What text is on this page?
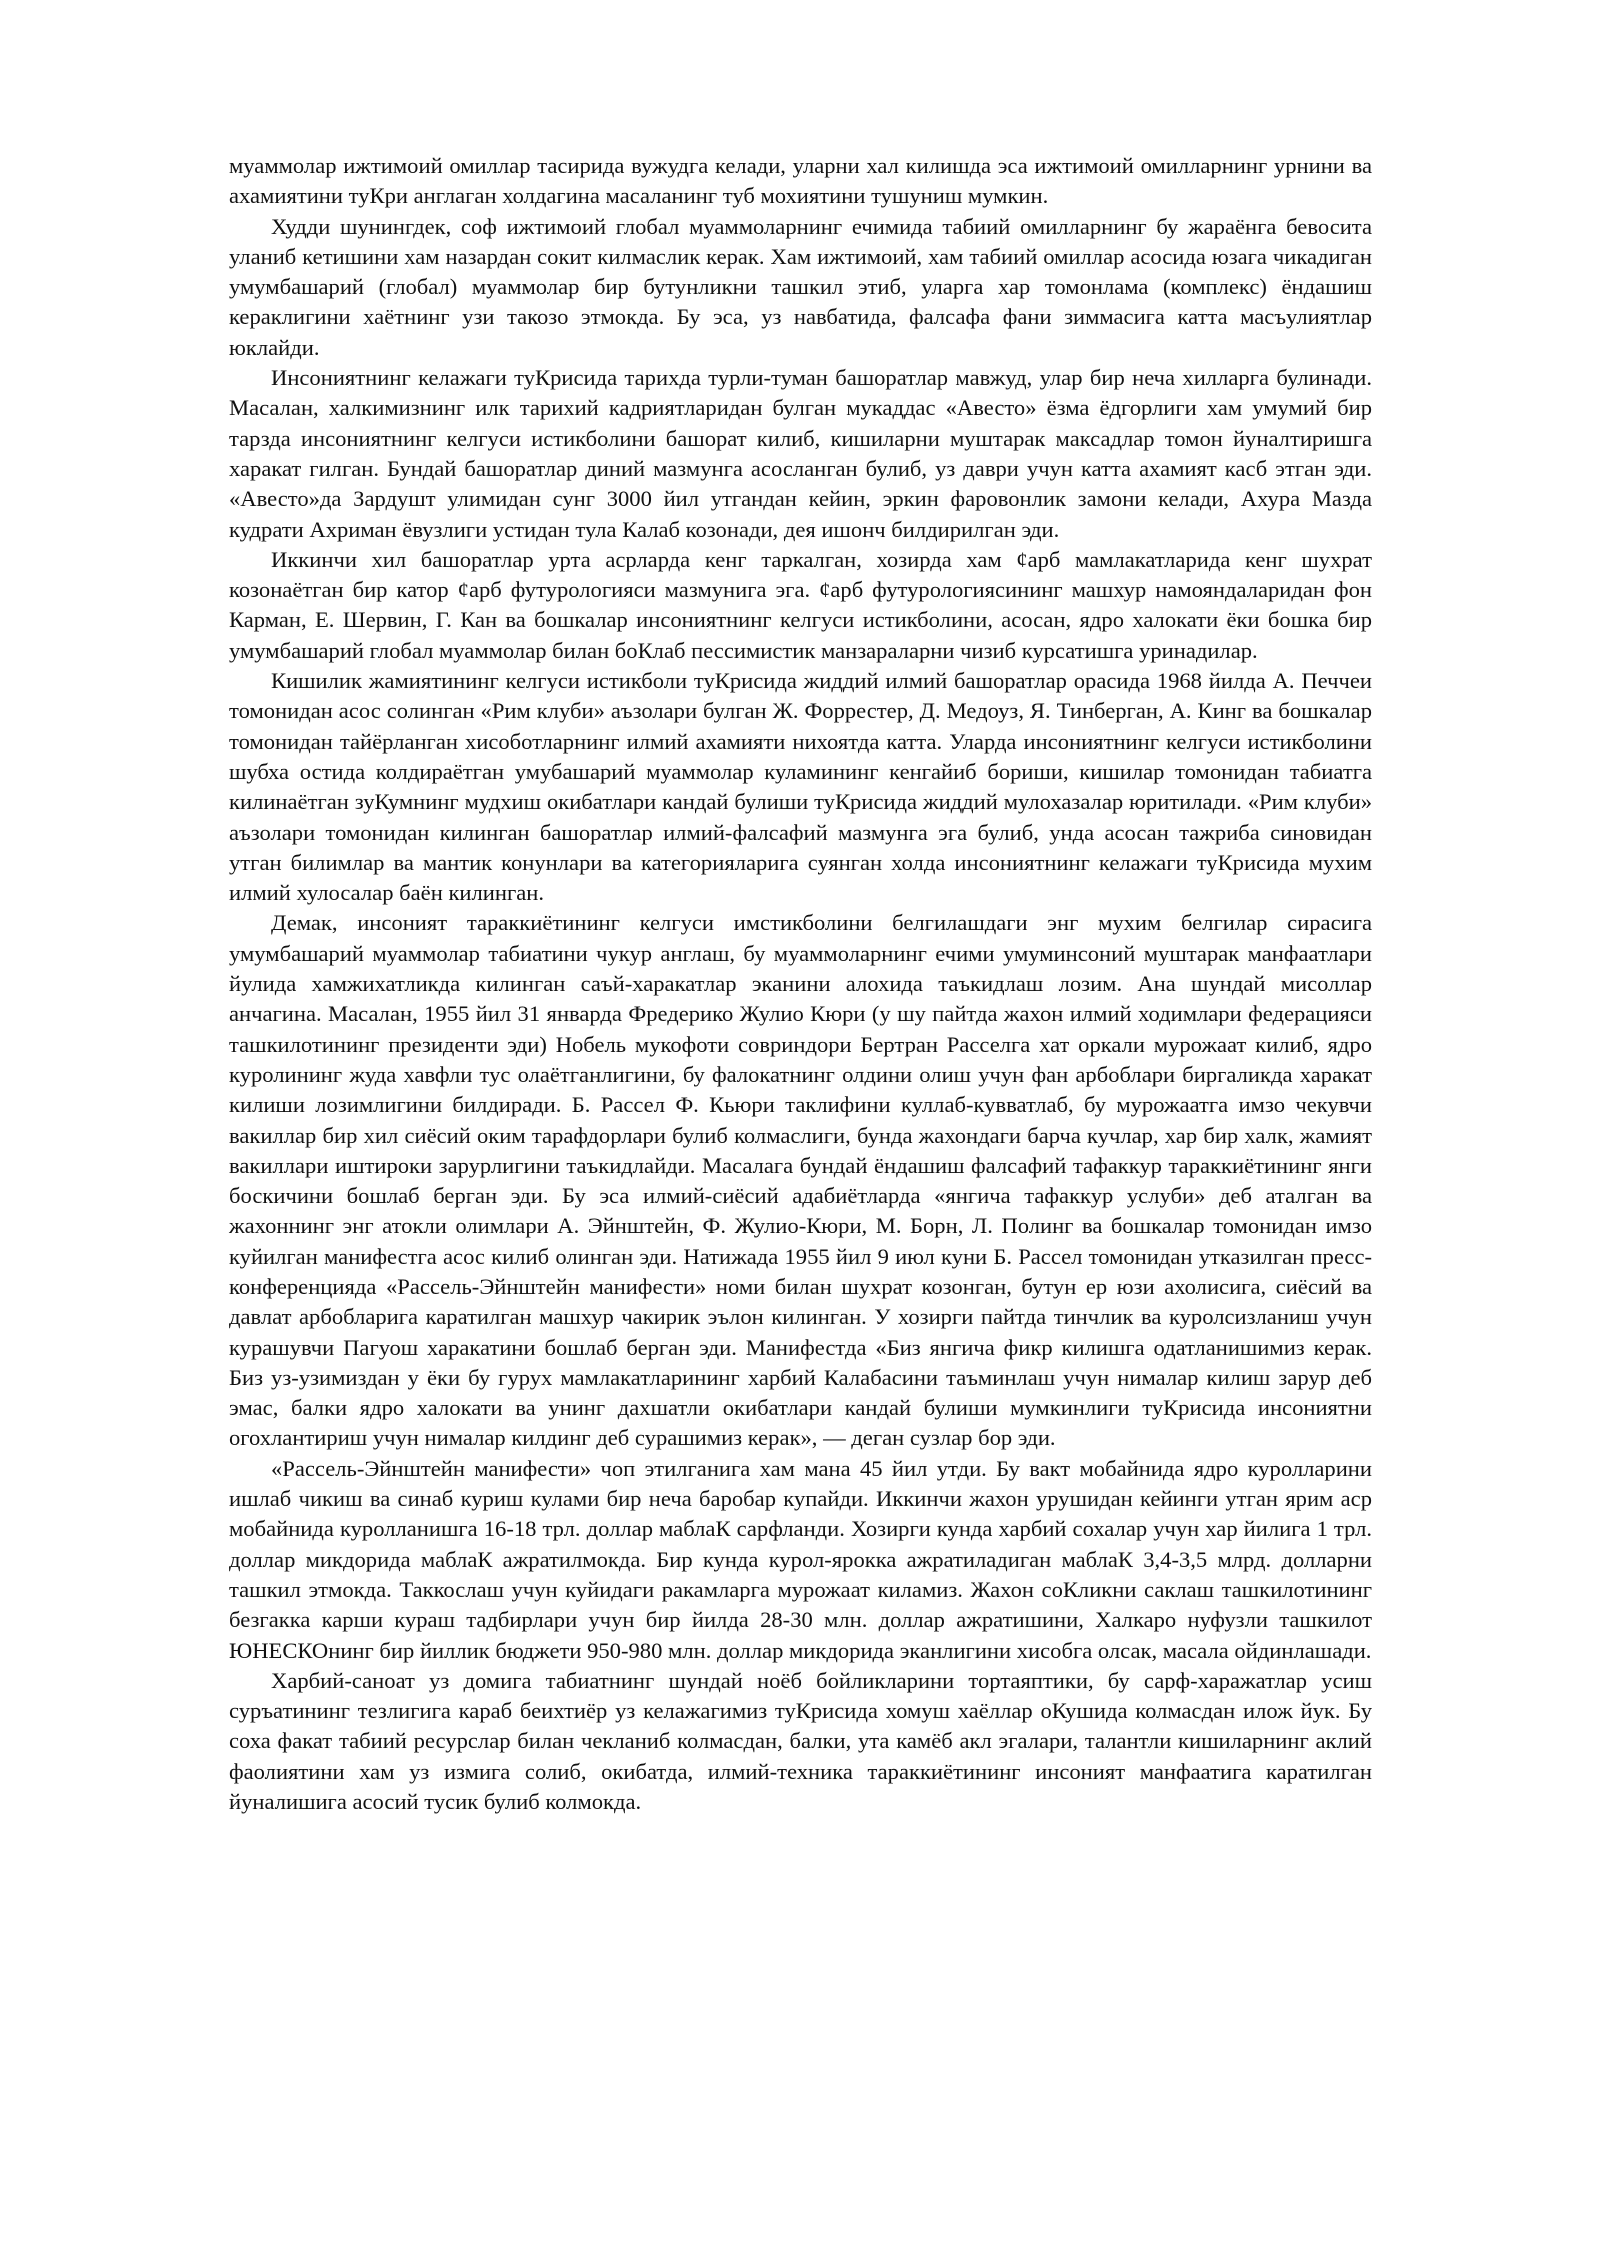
муаммолар ижтимоий омиллар тасирида вужудга келади, уларни хал килишда эса ижтимоий омилларнинг урнини ва ахамиятини туКри англаган холдагина масаланинг туб мохиятини тушуниш мумкин.

Худди шунингдек, соф ижтимоий глобал муаммоларнинг ечимида табиий омилларнинг бу жараёнга бевосита уланиб кетишини хам назардан сокит килмаслик керак. Хам ижтимоий, хам табиий омиллар асосида юзага чикадиган умумбашарий (глобал) муаммолар бир бутунликни ташкил этиб, уларга хар томонлама (комплекс) ёндашиш кераклигини хаётнинг узи такозо этмокда. Бу эса, уз навбатида, фалсафа фани зиммасига катта масъулиятлар юклайди.

Инсониятнинг келажаги туКрисида тарихда турли-туман башоратлар мавжуд, улар бир неча хилларга булинади. Масалан, халкимизнинг илк тарихий кадриятларидан булган мукаддас «Авесто» ёзма ёдгорлиги хам умумий бир тарзда инсониятнинг келгуси истикболини башорат килиб, кишиларни муштарак максадлар томон йуналтиришга харакат гилган. Бундай башоратлар диний мазмунга асосланган булиб, уз даври учун катта ахамият касб этган эди. «Авесто»да Зардушт улимидан сунг 3000 йил утгандан кейин, эркин фаровонлик замони келади, Ахура Мазда кудрати Ахриман ёвузлиги устидан тула Калаб козонади, дея ишонч билдирилган эди.

Иккинчи хил башоратлар урта асрларда кенг таркалган, хозирда хам ¢арб мамлакатларида кенг шухрат козонаётган бир катор ¢арб футурологияси мазмунига эга. ¢арб футурологиясининг машхур намояндаларидан фон Карман, Е. Шервин, Г. Кан ва бошкалар инсониятнинг келгуси истикболини, асосан, ядро халокати ёки бошка бир умумбашарий глобал муаммолар билан боКлаб пессимистик манзараларни чизиб курсатишга уринадилар.

Кишилик жамиятининг келгуси истикболи туКрисида жиддий илмий башоратлар орасида 1968 йилда А. Печчеи томонидан асос солинган «Рим клуби» аъзолари булган Ж. Форрестер, Д. Медоуз, Я. Тинберган, А. Кинг ва бошкалар томонидан тайёрланган хисоботларнинг илмий ахамияти нихоятда катта. Уларда инсониятнинг келгуси истикболини шубха остида колдираётган умубашарий муаммолар куламининг кенгайиб бориши, кишилар томонидан табиатга килинаётган зуКумнинг мудхиш окибатлари кандай булиши туКрисида жиддий мулохазалар юритилади. «Рим клуби» аъзолари томонидан килинган башоратлар илмий-фалсафий мазмунга эга булиб, унда асосан тажриба синовидан утган билимлар ва мантик конунлари ва категорияларига суянган холда инсониятнинг келажаги туКрисида мухим илмий хулосалар баён килинган.

Демак, инсоният тараккиётининг келгуси имстикболини белгилашдаги энг мухим белгилар сирасига умумбашарий муаммолар табиатини чукур англаш, бу муаммоларнинг ечими умуминсоний муштарак манфаатлари йулида хамжихатликда килинган саъй-харакатлар эканини алохида таъкидлаш лозим. Ана шундай мисоллар анчагина. Масалан, 1955 йил 31 январда Фредерико Жулио Кюри (у шу пайтда жахон илмий ходимлари федерацияси ташкилотининг президенти эди) Нобель мукофоти совриндори Бертран Расселга хат оркали мурожаат килиб, ядро куролининг жуда хавфли тус олаётганлигини, бу фалокатнинг олдини олиш учун фан арбоблари биргаликда харакат килиши лозимлигини билдиради. Б. Рассел Ф. Кьюри таклифини куллаб-кувватлаб, бу мурожаатга имзо чекувчи вакиллар бир хил сиёсий оким тарафдорлари булиб колмаслиги, бунда жахондаги барча кучлар, хар бир халк, жамият вакиллари иштироки зарурлигини таъкидлайди. Масалага бундай ёндашиш фалсафий тафаккур тараккиётининг янги боскичини бошлаб берган эди. Бу эса илмий-сиёсий адабиётларда «янгича тафаккур услуби» деб аталган ва жахоннинг энг атокли олимлари А. Эйнштейн, Ф. Жулио-Кюри, М. Борн, Л. Полинг ва бошкалар томонидан имзо куйилган манифестга асос килиб олинган эди. Натижада 1955 йил 9 июл куни Б. Рассел томонидан утказилган пресс-конференцияда «Рассель-Эйнштейн манифести» номи билан шухрат козонган, бутун ер юзи ахолисига, сиёсий ва давлат арбобларига каратилган машхур чакирик эълон килинган. У хозирги пайтда тинчлик ва куролсизланиш учун курашувчи Пагуош харакатини бошлаб берган эди. Манифестда «Биз янгича фикр килишга одатланишимиз керак. Биз уз-узимиздан у ёки бу гурух мамлакатларининг харбий Калабасини таъминлаш учун нималар килиш зарур деб эмас, балки ядро халокати ва унинг дахшатли окибатлари кандай булиши мумкинлиги туКрисида инсониятни огохлантириш учун нималар килдинг деб сурашимиз керак», — деган сузлар бор эди.

«Рассель-Эйнштейн манифести» чоп этилганига хам мана 45 йил утди. Бу вакт мобайнида ядро куролларини ишлаб чикиш ва синаб куриш кулами бир неча баробар купайди. Иккинчи жахон урушидан кейинги утган ярим аср мобайнида куролланишга 16-18 трл. доллар маблаК сарфланди. Хозирги кунда харбий сохалар учун хар йилига 1 трл. доллар микдорида маблаК ажратилмокда. Бир кунда курол-ярокка ажратиладиган маблаК 3,4-3,5 млрд. долларни ташкил этмокда. Таккослаш учун куйидаги ракамларга мурожаат киламиз. Жахон соКликни саклаш ташкилотининг безгакка карши кураш тадбирлари учун бир йилда 28-30 млн. доллар ажратишини, Халкаро нуфузли ташкилот ЮНЕСКОнинг бир йиллик бюджети 950-980 млн. доллар микдорида эканлигини хисобга олсак, масала ойдинлашади.

Харбий-саноат уз домига табиатнинг шундай ноёб бойликларини тортаяптики, бу сарф-харажатлар усиш суръатининг тезлигига караб беихтиёр уз келажагимиз туКрисида хомуш хаёллар оКушида колмасдан илож йук. Бу соха факат табиий ресурслар билан чекланиб колмасдан, балки, ута камёб акл эгалари, талантли кишиларнинг аклий фаолиятини хам уз измига солиб, окибатда, илмий-техника тараккиётининг инсоният манфаатига каратилган йуналишига асосий тусик булиб колмокда.
